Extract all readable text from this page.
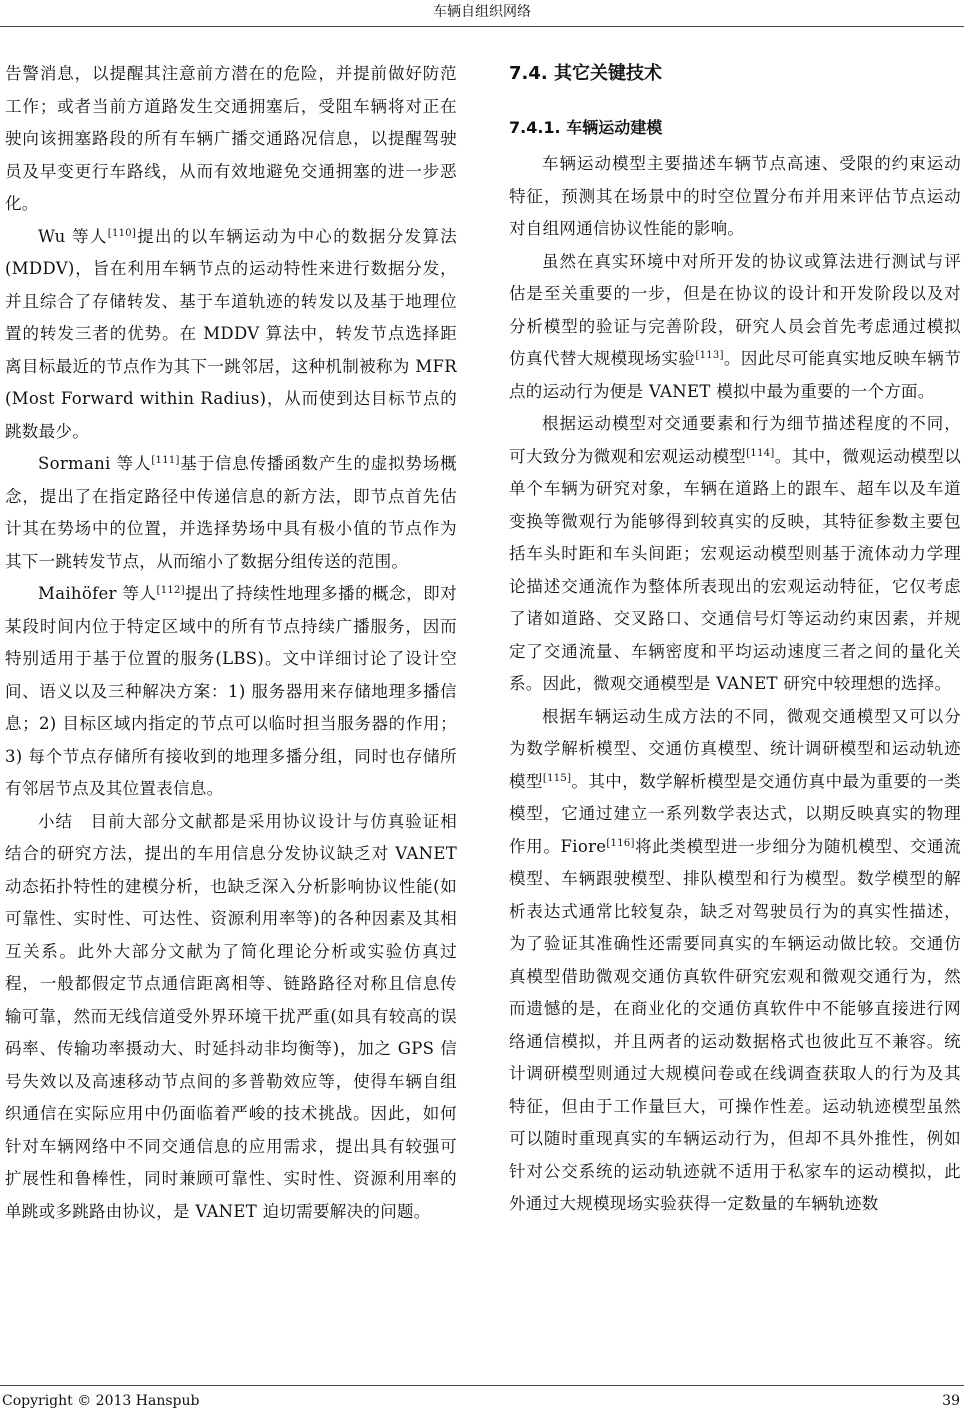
车辆自组织网络

告警消息，以提醒其注意前方潜在的危险，并提前做好防范工作；或者当前方道路发生交通拥塞后，受阻车辆将对正在驶向该拥塞路段的所有车辆广播交通路况信息，以提醒驾驶员及早变更行车路线，从而有效地避免交通拥塞的进一步恶化。

Wu 等人[110]提出的以车辆运动为中心的数据分发算法(MDDV)，旨在利用车辆节点的运动特性来进行数据分发，并且综合了存储转发、基于车道轨迹的转发以及基于地理位置的转发三者的优势。在 MDDV 算法中，转发节点选择距离目标最近的节点作为其下一跳邻居，这种机制被称为 MFR (Most Forward within Radius)，从而使到达目标节点的跳数最少。

Sormani 等人[111]基于信息传播函数产生的虚拟势场概念，提出了在指定路径中传递信息的新方法，即节点首先估计其在势场中的位置，并选择势场中具有极小值的节点作为其下一跳转发节点，从而缩小了数据分组传送的范围。

Maihöfer 等人[112]提出了持续性地理多播的概念，即对某段时间内位于特定区域中的所有节点持续广播服务，因而特别适用于基于位置的服务(LBS)。文中详细讨论了设计空间、语义以及三种解决方案：1) 服务器用来存储地理多播信息；2) 目标区域内指定的节点可以临时担当服务器的作用；3) 每个节点存储所有接收到的地理多播分组，同时也存储所有邻居节点及其位置表信息。

小结　目前大部分文献都是采用协议设计与仿真验证相结合的研究方法，提出的车用信息分发协议缺乏对 VANET 动态拓扑特性的建模分析，也缺乏深入分析影响协议性能(如可靠性、实时性、可达性、资源利用率等)的各种因素及其相互关系。此外大部分文献为了简化理论分析或实验仿真过程，一般都假定节点通信距离相等、链路路径对称且信息传输可靠，然而无线信道受外界环境干扰严重(如具有较高的误码率、传输功率摄动大、时延抖动非均衡等)，加之 GPS 信号失效以及高速移动节点间的多普勒效应等，使得车辆自组织通信在实际应用中仍面临着严峻的技术挑战。因此，如何针对车辆网络中不同交通信息的应用需求，提出具有较强可扩展性和鲁棒性，同时兼顾可靠性、实时性、资源利用率的单跳或多跳路由协议，是 VANET 迫切需要解决的问题。

7.4. 其它关键技术
7.4.1. 车辆运动建模

车辆运动模型主要描述车辆节点高速、受限的约束运动特征，预测其在场景中的时空位置分布并用来评估节点运动对自组网通信协议性能的影响。

虽然在真实环境中对所开发的协议或算法进行测试与评估是至关重要的一步，但是在协议的设计和开发阶段以及对分析模型的验证与完善阶段，研究人员会首先考虑通过模拟仿真代替大规模现场实验[113]。因此尽可能真实地反映车辆节点的运动行为便是 VANET 模拟中最为重要的一个方面。

根据运动模型对交通要素和行为细节描述程度的不同，可大致分为微观和宏观运动模型[114]。其中，微观运动模型以单个车辆为研究对象，车辆在道路上的跟车、超车以及车道变换等微观行为能够得到较真实的反映，其特征参数主要包括车头时距和车头间距；宏观运动模型则基于流体动力学理论描述交通流作为整体所表现出的宏观运动特征，它仅考虑了诸如道路、交叉路口、交通信号灯等运动约束因素，并规定了交通流量、车辆密度和平均运动速度三者之间的量化关系。因此，微观交通模型是 VANET 研究中较理想的选择。

根据车辆运动生成方法的不同，微观交通模型又可以分为数学解析模型、交通仿真模型、统计调研模型和运动轨迹模型[115]。其中，数学解析模型是交通仿真中最为重要的一类模型，它通过建立一系列数学表达式，以期反映真实的物理作用。Fiore[116]将此类模型进一步细分为随机模型、交通流模型、车辆跟驶模型、排队模型和行为模型。数学模型的解析表达式通常比较复杂，缺乏对驾驶员行为的真实性描述，为了验证其准确性还需要同真实的车辆运动做比较。交通仿真模型借助微观交通仿真软件研究宏观和微观交通行为，然而遗憾的是，在商业化的交通仿真软件中不能够直接进行网络通信模拟，并且两者的运动数据格式也彼此互不兼容。统计调研模型则通过大规模问卷或在线调查获取人的行为及其特征，但由于工作量巨大，可操作性差。运动轨迹模型虽然可以随时重现真实的车辆运动行为，但却不具外推性，例如针对公交系统的运动轨迹就不适用于私家车的运动模拟，此外通过大规模现场实验获得一定数量的车辆轨迹数

Copyright © 2013 Hanspub	39
